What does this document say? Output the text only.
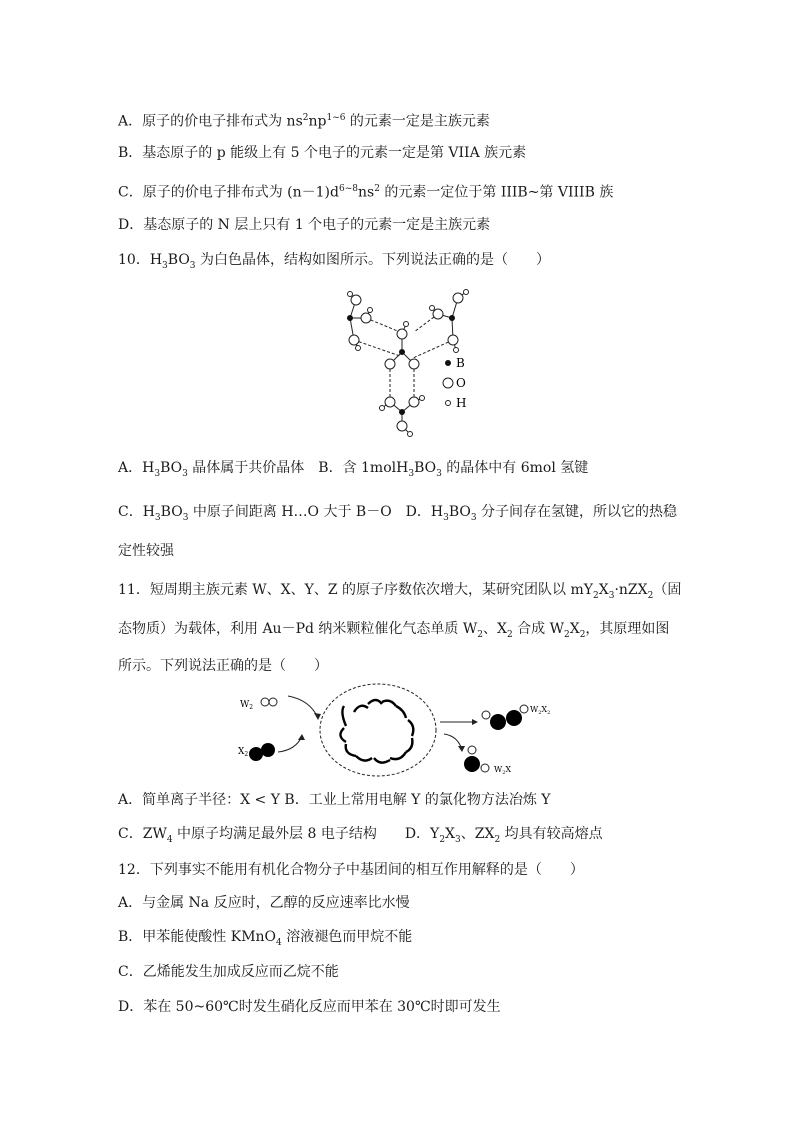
A．原子的价电子排布式为 $ns^2np^{1\sim 6}$ 的元素一定是主族元素
B．基态原子的 p 能级上有 5 个电子的元素一定是第 VIIA 族元素
C．原子的价电子排布式为 $(n-1)d^{6\sim 8}ns^2$ 的元素一定位于第 IIIB~第 VIIIB 族
D．基态原子的 N 层上只有 1 个电子的元素一定是主族元素
10．$H_3BO_3$ 为白色晶体，结构如图所示。下列说法正确的是（　　）
B
O
H
A．$H_3BO_3$ 晶体属于共价晶体　B．含 $1molH_3BO_3$ 的晶体中有 6mol 氢键
C．$H_3BO_3$ 中原子间距离 H…O 大于 B－O　D．$H_3BO_3$ 分子间存在氢键，所以它的热稳
定性较强
11．短周期主族元素 W、X、Y、Z 的原子序数依次增大，某研究团队以 $mY_2X_3\cdot nZX_2$（固
态物质）为载体，利用 Au－Pd 纳米颗粒催化气态单质 $W_2$、$X_2$ 合成 $W_2X_2$，其原理如图
所示。下列说法正确的是（　　）
$W_2$
$X_2$
$W_2X_2$
$W_2X$
A．简单离子半径：X < Y B．工业上常用电解 Y 的氯化物方法冶炼 Y
C．$ZW_4$ 中原子均满足最外层 8 电子结构　　D．$Y_2X_3$、$ZX_2$ 均具有较高熔点
12．下列事实不能用有机化合物分子中基团间的相互作用解释的是（　　）
A．与金属 Na 反应时，乙醇的反应速率比水慢
B．甲苯能使酸性 KMnO$_4$ 溶液褪色而甲烷不能
C．乙烯能发生加成反应而乙烷不能
D．苯在 50~60℃时发生硝化反应而甲苯在 30℃时即可发生
